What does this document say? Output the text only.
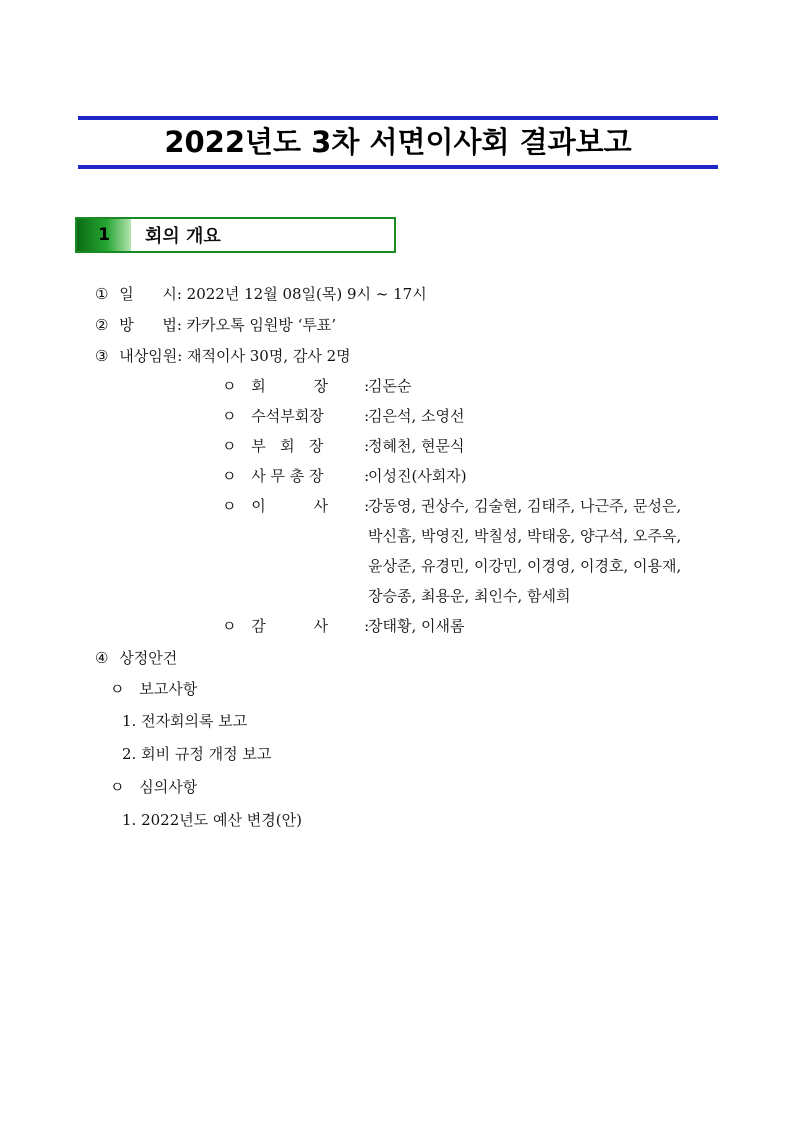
2022년도 3차 서면이사회 결과보고
1	회의 개요
① 일      시: 2022년 12월 08일(목) 9시 ~ 17시
② 방      법: 카카오톡 임원방 ‘투표’
③ 내상임원: 재적이사 30명, 감사 2명
ㅇ 회          장 :
김돈순
ㅇ 수석부회장	:
김은석, 소영선
ㅇ 부   회   장	:
정혜천, 현문식
ㅇ 사 무 총 장	:
이성진(사회자)
ㅇ 이          사 :
강동영, 권상수, 김술현, 김태주, 나근주, 문성은,
박신흠, 박영진, 박칠성, 박태웅, 양구석, 오주옥,
윤상준, 유경민, 이강민, 이경영, 이경호, 이용재,
장승종, 최용운, 최인수, 함세희
ㅇ 감          사 :
장태황, 이새롬
④ 상정안건
ㅇ 보고사항
1. 전자회의록 보고
2. 회비 규정 개정 보고
ㅇ 심의사항
1. 2022년도 예산 변경(안)
